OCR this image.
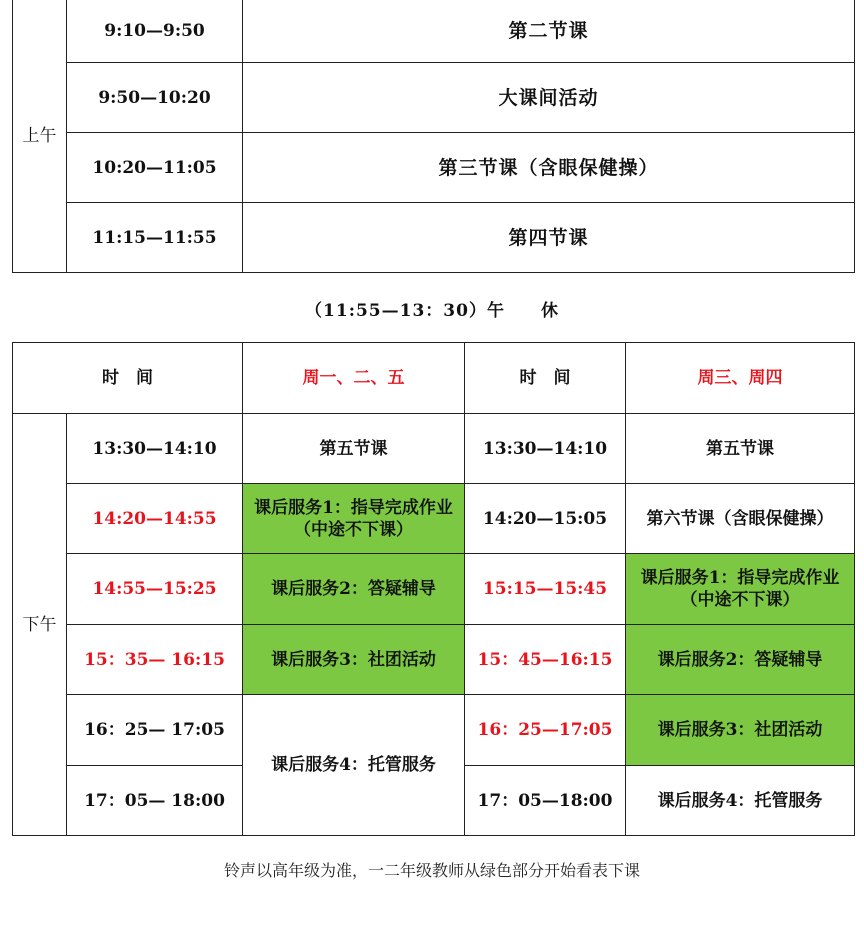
上午	9:10—9:50	第二节课
	9:50—10:20	大课间活动
	10:20—11:05	第三节课（含眼保健操）
	11:15—11:55	第四节课
（11:55—13：30）午　　休
时　间		周一、二、五	时　间	周三、周四
下午	13:30—14:10	第五节课	13:30—14:10	第五节课
	14:20—14:55	课后服务1：指导完成作业（中途不下课）	14:20—15:05	第六节课（含眼保健操）
	14:55—15:25	课后服务2：答疑辅导	15:15—15:45	课后服务1：指导完成作业（中途不下课）
	15：35— 16:15	课后服务3：社团活动	15：45—16:15	课后服务2：答疑辅导
	16：25— 17:05	课后服务4：托管服务	16：25—17:05	课后服务3：社团活动
	17：05— 18:00		17：05—18:00	课后服务4：托管服务
铃声以高年级为准，一二年级教师从绿色部分开始看表下课
